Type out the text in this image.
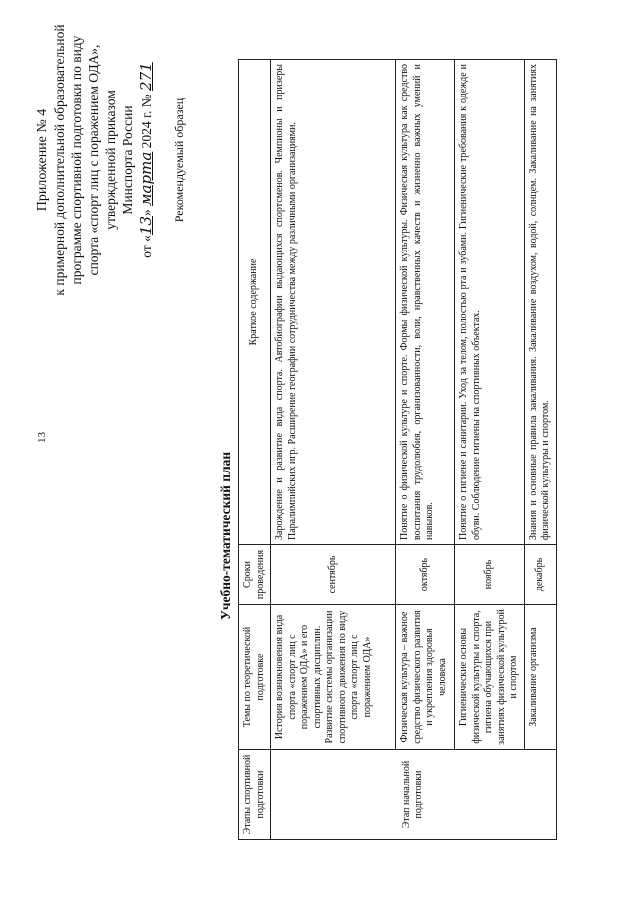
13
Приложение № 4 к примерной дополнительной образовательной программе спортивной подготовки по виду спорта «спорт лиц с поражением ОДА», утвержденной приказом Минспорта России
от «13» марта 2024 г. № 271
Рекомендуемый образец
Учебно-тематический план
Этапы спортивной подготовки	Темы по теоретической подготовке	Сроки проведения	Краткое содержание
Этап начальной подготовки	История возникновения вида спорта «спорт лиц с поражением ОДА» и его спортивных дисциплин. Развитие системы организации спортивного движения по виду спорта «спорт лиц с поражением ОДА»	сентябрь	Зарождение и развитие вида спорта. Автобиографии выдающихся спортсменов. Чемпионы и призеры Паралимпийских игр. Расширение географии сотрудничества между различными организациями.
	Физическая культура – важное средство физического развития и укрепления здоровья человека	октябрь	Понятие о физической культуре и спорте. Формы физической культуры. Физическая культура как средство воспитания трудолюбия, организованности, воли, нравственных качеств и жизненно важных умений и навыков.
	Гигиенические основы физической культуры и спорта, гигиена обучающихся при занятиях физической культурой и спортом	ноябрь	Понятие о гигиене и санитарии. Уход за телом, полостью рта и зубами. Гигиенические требования к одежде и обуви. Соблюдение гигиены на спортивных объектах.
	Закаливание организма	декабрь	Знания и основные правила закаливания. Закаливание воздухом, водой, солнцем. Закаливание на занятиях физической культуры и спортом.
